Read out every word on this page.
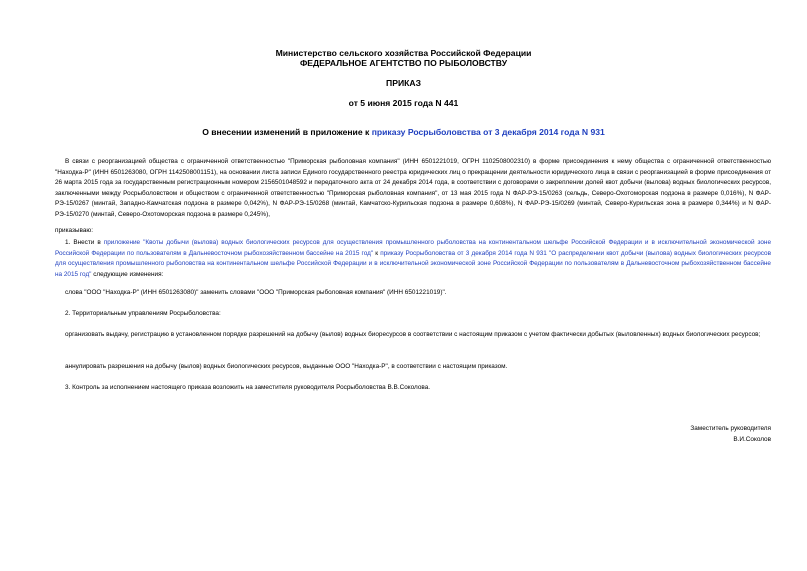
Министерство сельского хозяйства Российской Федерации
ФЕДЕРАЛЬНОЕ АГЕНТСТВО ПО РЫБОЛОВСТВУ
ПРИКАЗ
от 5 июня 2015 года N 441
О внесении изменений в приложение к приказу Росрыболовства от 3 декабря 2014 года N 931

В связи с реорганизацией общества с ограниченной ответственностью "Приморская рыболовная компания" (ИНН 6501221019, ОГРН 1102508002310) в форме присоединения к нему общества с ограниченной ответственностью "Находка-Р" (ИНН 6501263080, ОГРН 1142508001151), на основании листа записи Единого государственного реестра юридических лиц о прекращении деятельности юридического лица в связи с реорганизацией в форме присоединения от 26 марта 2015 года за государственным регистрационным номером 2156501048592 и передаточного акта от 24 декабря 2014 года, в соответствии с договорами о закреплении долей квот добычи (вылова) водных биологических ресурсов, заключенными между Росрыболовством и обществом с ограниченной ответственностью "Приморская рыболовная компания", от 13 мая 2015 года N ФАР-РЭ-15/0263 (сельдь, Северо-Охотоморская подзона в размере 0,016%), N ФАР-РЭ-15/0267 (минтай, Западно-Камчатская подзона в размере 0,042%), N ФАР-РЭ-15/0268 (минтай, Камчатско-Курильская подзона в размере 0,608%), N ФАР-РЭ-15/0269 (минтай, Северо-Курильская зона в размере 0,344%) и N ФАР-РЭ-15/0270 (минтай, Северо-Охотоморская подзона в размере 0,245%),

приказываю:

1. Внести в приложение "Квоты добычи (вылова) водных биологических ресурсов для осуществления промышленного рыболовства на континентальном шельфе Российской Федерации и в исключительной экономической зоне Российской Федерации по пользователям в Дальневосточном рыбохозяйственном бассейне на 2015 год" к приказу Росрыболовства от 3 декабря 2014 года N 931 "О распределении квот добычи (вылова) водных биологических ресурсов для осуществления промышленного рыболовства на континентальном шельфе Российской Федерации и в исключительной экономической зоне Российской Федерации по пользователям в Дальневосточном рыбохозяйственном бассейне на 2015 год" следующие изменения:

слова "ООО "Находка-Р" (ИНН 6501263080)" заменить словами "ООО "Приморская рыболовная компания" (ИНН 6501221019)".

2. Территориальным управлениям Росрыболовства:

организовать выдачу, регистрацию в установленном порядке разрешений на добычу (вылов) водных биоресурсов в соответствии с настоящим приказом с учетом фактически добытых (выловленных) водных биологических ресурсов;

аннулировать разрешения на добычу (вылов) водных биологических ресурсов, выданные ООО "Находка-Р", в соответствии с настоящим приказом.

3. Контроль за исполнением настоящего приказа возложить на заместителя руководителя Росрыболовства В.В.Соколова.

Заместитель руководителя
В.И.Соколов
